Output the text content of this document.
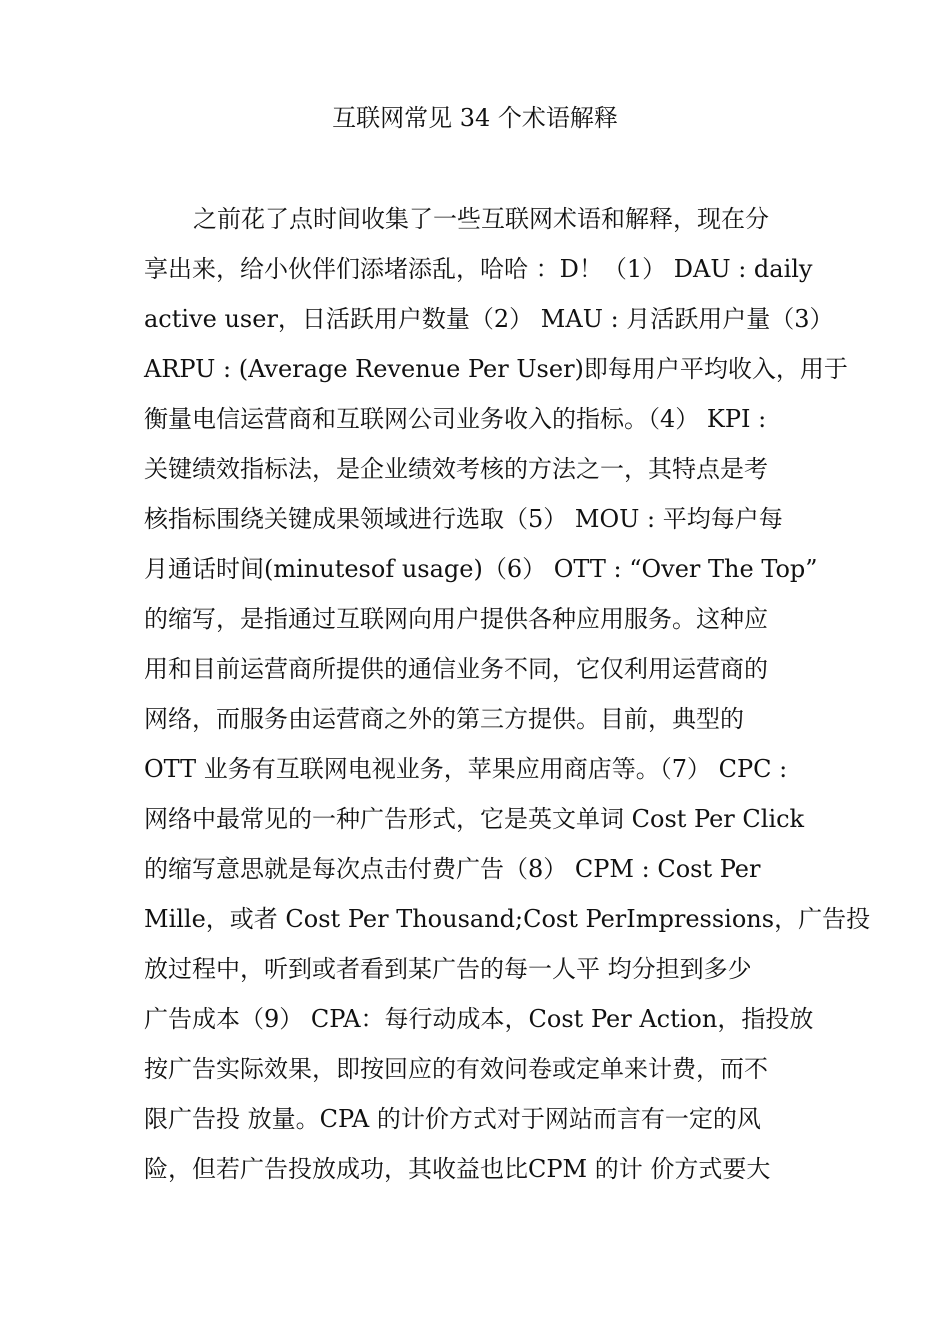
互联网常见 34 个术语解释
之前花了点时间收集了一些互联网术语和解释，现在分
享出来，给小伙伴们添堵添乱，哈哈 ：D！（1） DAU : daily
active user，日活跃用户数量（2） MAU : 月活跃用户量（3）
ARPU : (Average Revenue Per User)即每用户平均收入，用于
衡量电信运营商和互联网公司业务收入的指标。（4） KPI :
关键绩效指标法，是企业绩效考核的方法之一，其特点是考
核指标围绕关键成果领域进行选取（5） MOU : 平均每户每
月通话时间(minutesof usage)（6） OTT : “Over The Top”
的缩写，是指通过互联网向用户提供各种应用服务。这种应
用和目前运营商所提供的通信业务不同，它仅利用运营商的
网络，而服务由运营商之外的第三方提供。目前，典型的
OTT 业务有互联网电视业务，苹果应用商店等。（7） CPC :
网络中最常见的一种广告形式，它是英文单词 Cost Per Click
的缩写意思就是每次点击付费广告（8） CPM : Cost Per
Mille，或者 Cost Per Thousand;Cost PerImpressions，广告投
放过程中，听到或者看到某广告的每一人平 均分担到多少
广告成本（9） CPA：每行动成本，Cost Per Action，指投放
按广告实际效果，即按回应的有效问卷或定单来计费，而不
限广告投 放量。CPA 的计价方式对于网站而言有一定的风
险，但若广告投放成功，其收益也比CPM 的计 价方式要大
